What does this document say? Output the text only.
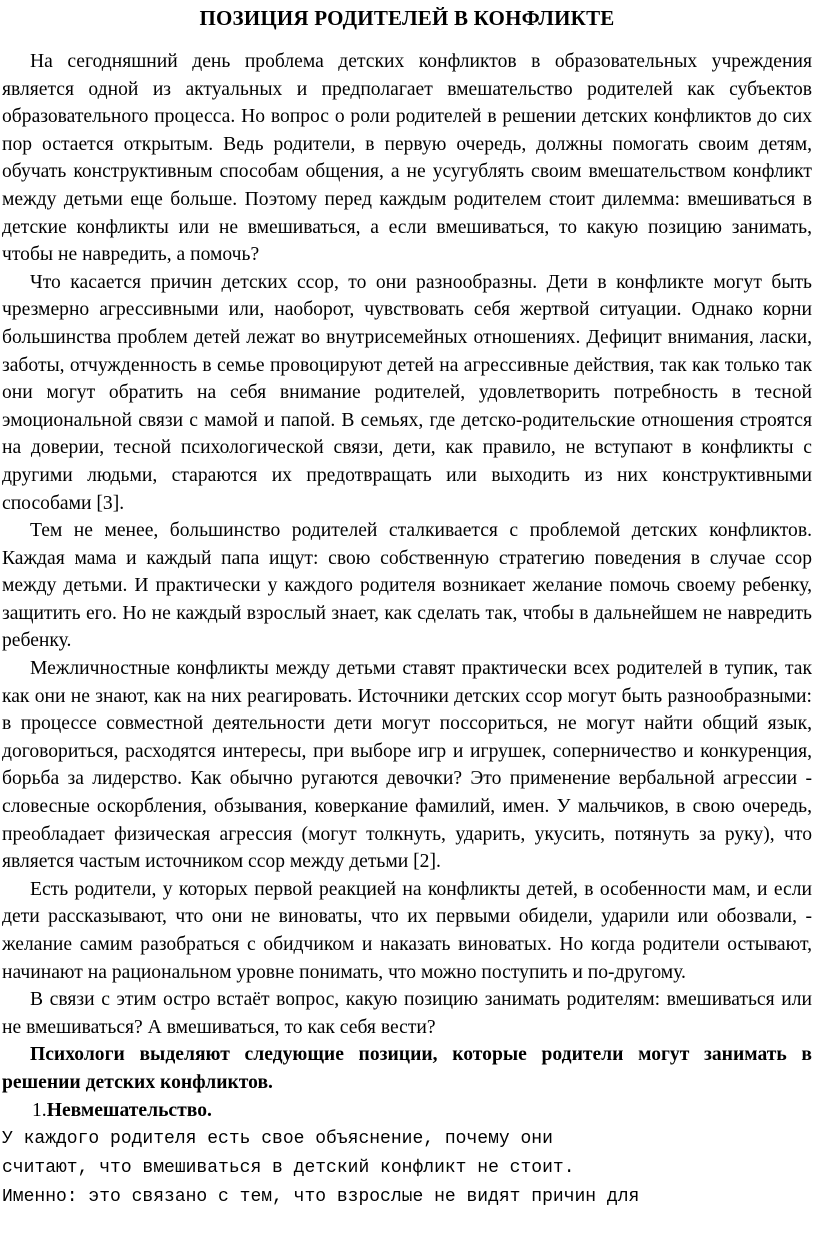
ПОЗИЦИЯ РОДИТЕЛЕЙ В КОНФЛИКТЕ

На сегодняшний день проблема детских конфликтов в образовательных учреждения является одной из актуальных и предполагает вмешательство родителей как субъектов образовательного процесса. Но вопрос о роли родителей в решении детских конфликтов до сих пор остается открытым. Ведь родители, в первую очередь, должны помогать своим детям, обучать конструктивным способам общения, а не усугублять своим вмешательством конфликт между детьми еще больше. Поэтому перед каждым родителем стоит дилемма: вмешиваться в детские конфликты или не вмешиваться, а если вмешиваться, то какую позицию занимать, чтобы не навредить, а помочь?

Что касается причин детских ссор, то они разнообразны. Дети в конфликте могут быть чрезмерно агрессивными или, наоборот, чувствовать себя жертвой ситуации. Однако корни большинства проблем детей лежат во внутрисемейных отношениях. Дефицит внимания, ласки, заботы, отчужденность в семье провоцируют детей на агрессивные действия, так как только так они могут обратить на себя внимание родителей, удовлетворить потребность в тесной эмоциональной связи с мамой и папой. В семьях, где детско-родительские отношения строятся на доверии, тесной психологической связи, дети, как правило, не вступают в конфликты с другими людьми, стараются их предотвращать или выходить из них конструктивными способами [3].

Тем не менее, большинство родителей сталкивается с проблемой детских конфликтов. Каждая мама и каждый папа ищут: свою собственную стратегию поведения в случае ссор между детьми. И практически у каждого родителя возникает желание помочь своему ребенку, защитить его. Но не каждый взрослый знает, как сделать так, чтобы в дальнейшем не навредить ребенку.

Межличностные конфликты между детьми ставят практически всех родителей в тупик, так как они не знают, как на них реагировать. Источники детских ссор могут быть разнообразными: в процессе совместной деятельности дети могут поссориться, не могут найти общий язык, договориться, расходятся интересы, при выборе игр и игрушек, соперничество и конкуренция, борьба за лидерство. Как обычно ругаются девочки? Это применение вербальной агрессии - словесные оскорбления, обзывания, коверкание фамилий, имен. У мальчиков, в свою очередь, преобладает физическая агрессия (могут толкнуть, ударить, укусить, потянуть за руку), что является частым источником ссор между детьми [2].

Есть родители, у которых первой реакцией на конфликты детей, в особенности мам, и если дети рассказывают, что они не виноваты, что их первыми обидели, ударили или обозвали, - желание самим разобраться с обидчиком и наказать виноватых. Но когда родители остывают, начинают на рациональном уровне понимать, что можно поступить и по-другому.

В связи с этим остро встаёт вопрос, какую позицию занимать родителям: вмешиваться или не вмешиваться? А вмешиваться, то как себя вести?

Психологи выделяют следующие позиции, которые родители могут занимать в решении детских конфликтов.

1.Невмешательство.

У каждого родителя есть свое объяснение, почему они
считают, что вмешиваться в детский конфликт не стоит.
Именно: это связано с тем, что взрослые не видят причин для
